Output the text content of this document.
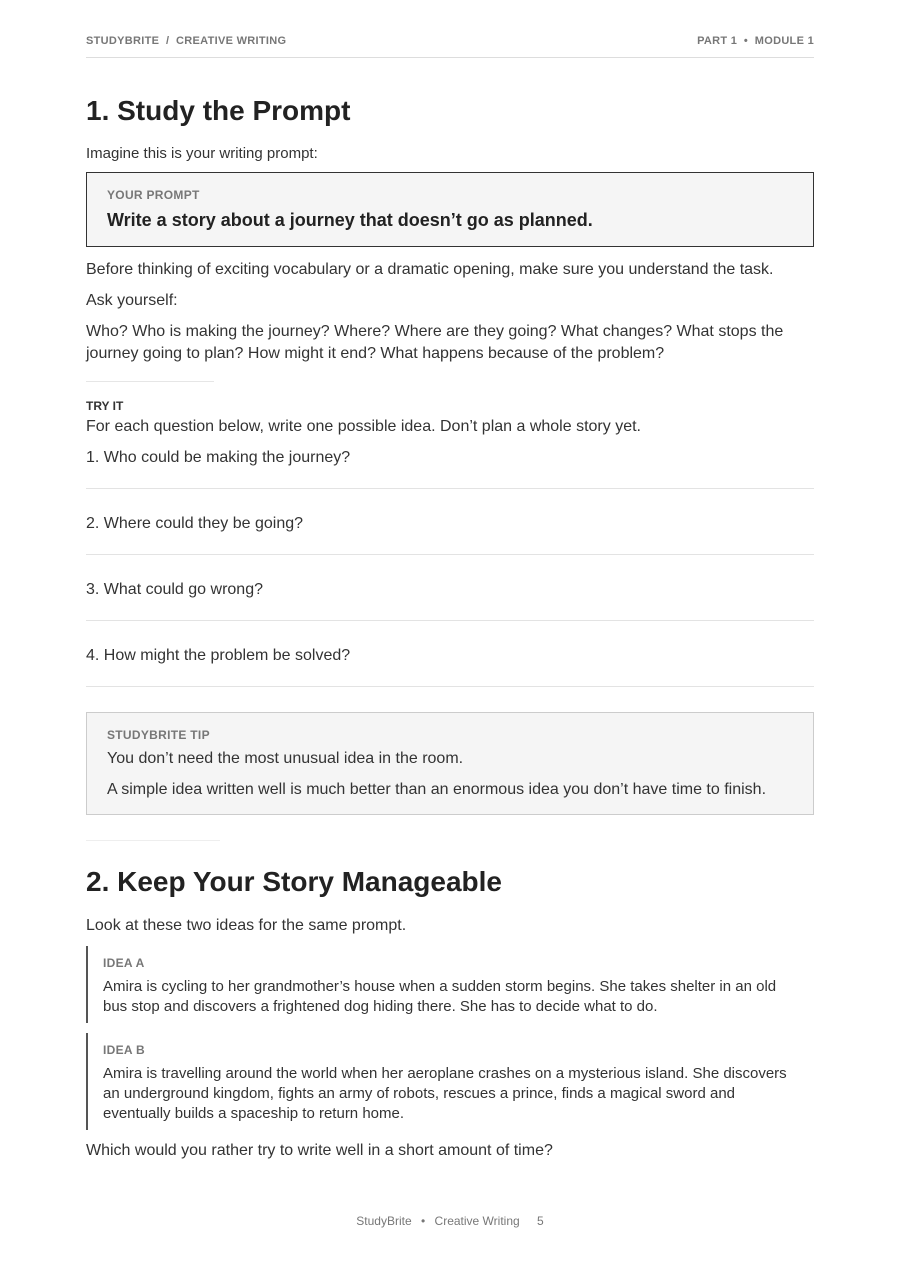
STUDYBRITE  /  CREATIVE WRITING	PART 1  •  MODULE 1
1. Study the Prompt
Imagine this is your writing prompt:
YOUR PROMPT
Write a story about a journey that doesn’t go as planned.
Before thinking of exciting vocabulary or a dramatic opening, make sure you understand the task.
Ask yourself:
Who? Who is making the journey? Where? Where are they going? What changes? What stops the journey going to plan? How might it end? What happens because of the problem?
TRY IT
For each question below, write one possible idea. Don’t plan a whole story yet.
1. Who could be making the journey?
2. Where could they be going?
3. What could go wrong?
4. How might the problem be solved?
STUDYBRITE TIP
You don’t need the most unusual idea in the room.
A simple idea written well is much better than an enormous idea you don’t have time to finish.
2. Keep Your Story Manageable
Look at these two ideas for the same prompt.
IDEA A
Amira is cycling to her grandmother’s house when a sudden storm begins. She takes shelter in an old bus stop and discovers a frightened dog hiding there. She has to decide what to do.
IDEA B
Amira is travelling around the world when her aeroplane crashes on a mysterious island. She discovers an underground kingdom, fights an army of robots, rescues a prince, finds a magical sword and eventually builds a spaceship to return home.
Which would you rather try to write well in a short amount of time?
StudyBrite • Creative Writing 5
